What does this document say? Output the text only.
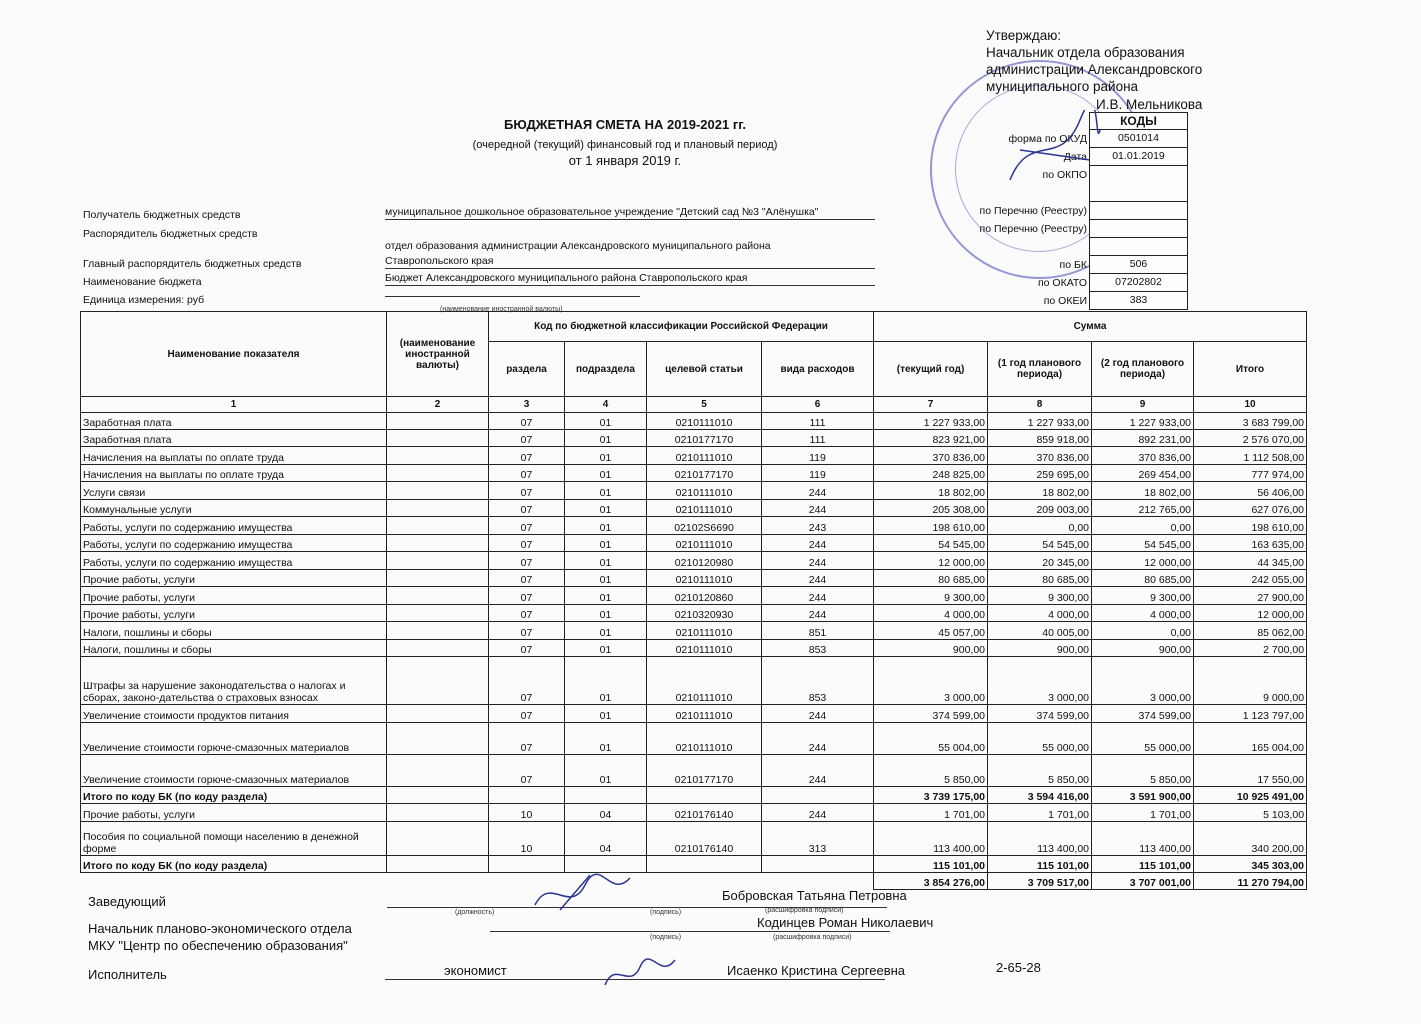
Утверждаю:
Начальник отдела образования
администрации Александровского
муниципального района
И.В. Мельникова
БЮДЖЕТНАЯ СМЕТА НА 2019-2021 гг.
(очередной (текущий) финансовый год и плановый период)
от 1 января 2019 г.
КОДЫ
форма по ОКУД	0501014
Дата	01.01.2019
по ОКПО
по Перечню (Реестру)
по Перечню (Реестру)
по БК	506
по ОКАТО	07202802
по ОКЕИ	383
Получатель бюджетных средств	муниципальное дошкольное образовательное учреждение "Детский сад №3 "Алёнушка"
Распорядитель бюджетных средств
отдел образования администрации Александровского муниципального района
Ставропольского края
Главный распорядитель бюджетных средств
Наименование бюджета	Бюджет Александровского муниципального района Ставропольского края
Единица измерения: руб
(наименование иностранной валюты)
Наименование показателя	(наименование иностранной валюты)	Код по бюджетной классификации Российской Федерации				Сумма			
		раздела	подраздела	целевой статьи	вида расходов	(текущий год)	(1 год планового периода)	(2 год планового периода)	Итого
1	2	3	4	5	6	7	8	9	10
Заработная плата		07	01	0210111010	111	1 227 933,00	1 227 933,00	1 227 933,00	3 683 799,00
Заработная плата		07	01	0210177170	111	823 921,00	859 918,00	892 231,00	2 576 070,00
Начисления на выплаты по оплате труда		07	01	0210111010	119	370 836,00	370 836,00	370 836,00	1 112 508,00
Начисления на выплаты по оплате труда		07	01	0210177170	119	248 825,00	259 695,00	269 454,00	777 974,00
Услуги связи		07	01	0210111010	244	18 802,00	18 802,00	18 802,00	56 406,00
Коммунальные услуги		07	01	0210111010	244	205 308,00	209 003,00	212 765,00	627 076,00
Работы, услуги по содержанию имущества		07	01	02102S6690	243	198 610,00	0,00	0,00	198 610,00
Работы, услуги по содержанию имущества		07	01	0210111010	244	54 545,00	54 545,00	54 545,00	163 635,00
Работы, услуги по содержанию имущества		07	01	0210120980	244	12 000,00	20 345,00	12 000,00	44 345,00
Прочие работы, услуги		07	01	0210111010	244	80 685,00	80 685,00	80 685,00	242 055,00
Прочие работы, услуги		07	01	0210120860	244	9 300,00	9 300,00	9 300,00	27 900,00
Прочие работы, услуги		07	01	0210320930	244	4 000,00	4 000,00	4 000,00	12 000,00
Налоги, пошлины и сборы		07	01	0210111010	851	45 057,00	40 005,00	0,00	85 062,00
Налоги, пошлины и сборы		07	01	0210111010	853	900,00	900,00	900,00	2 700,00
Штрафы за нарушение законодательства о налогах и сборах, законо-дательства о страховых взносах		07	01	0210111010	853	3 000,00	3 000,00	3 000,00	9 000,00
Увеличение стоимости продуктов питания		07	01	0210111010	244	374 599,00	374 599,00	374 599,00	1 123 797,00
Увеличение стоимости горюче-смазочных материалов		07	01	0210111010	244	55 004,00	55 000,00	55 000,00	165 004,00
Увеличение стоимости горюче-смазочных материалов		07	01	0210177170	244	5 850,00	5 850,00	5 850,00	17 550,00
Итого по коду БК (по коду раздела)						3 739 175,00	3 594 416,00	3 591 900,00	10 925 491,00
Прочие работы, услуги		10	04	0210176140	244	1 701,00	1 701,00	1 701,00	5 103,00
Пособия по социальной помощи населению в денежной форме		10	04	0210176140	313	113 400,00	113 400,00	113 400,00	340 200,00
Итого по коду БК (по коду раздела)						115 101,00	115 101,00	115 101,00	345 303,00
						3 854 276,00	3 709 517,00	3 707 001,00	11 270 794,00
Заведующий
(должность)	(подпись)	(расшифровка подписи)
Бобровская Татьяна Петровна
Начальник планово-экономического отдела
МКУ "Центр по обеспечению образования"
Кодинцев Роман Николаевич
(подпись)	(расшифровка подписи)
Исполнитель	экономист	Исаенко Кристина Сергеевна	2-65-28
